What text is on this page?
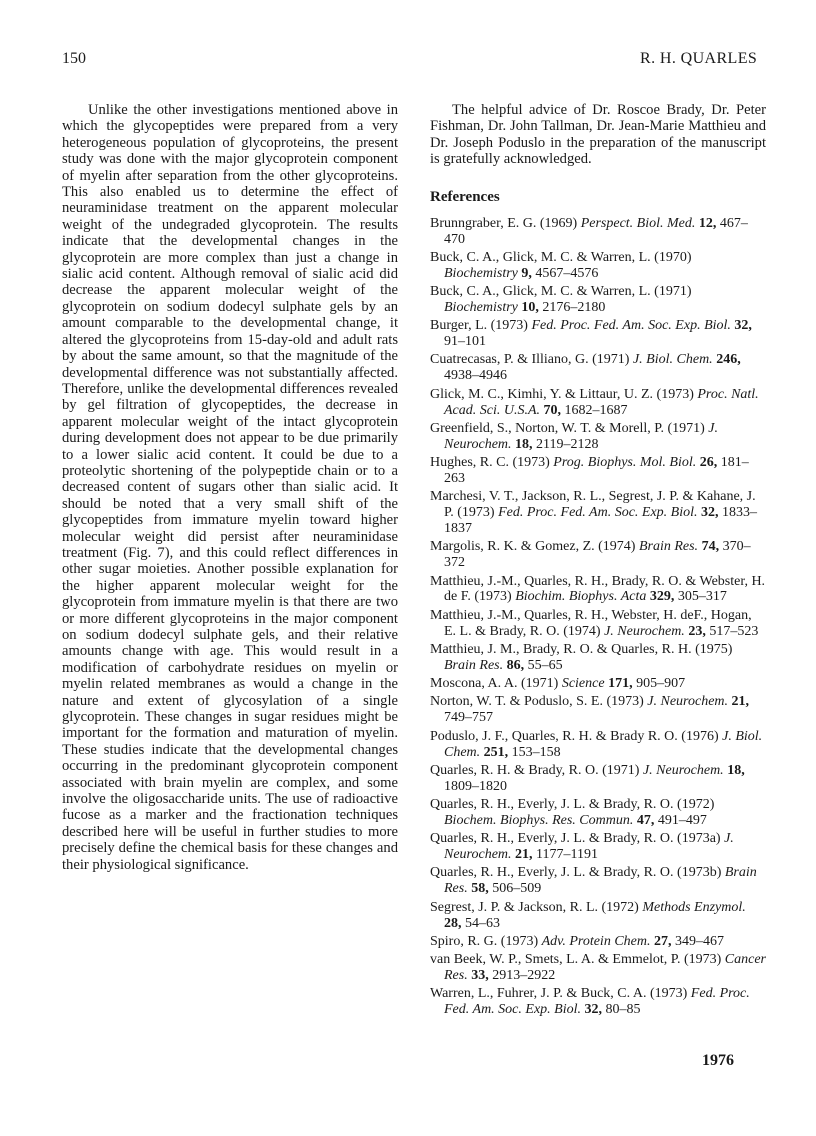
150	R. H. QUARLES

Unlike the other investigations mentioned above in which the glycopeptides were prepared from a very heterogeneous population of glycoproteins, the present study was done with the major glycoprotein component of myelin after separation from the other glycoproteins. This also enabled us to determine the effect of neuraminidase treatment on the apparent molecular weight of the undegraded glycoprotein. The results indicate that the developmental changes in the glycoprotein are more complex than just a change in sialic acid content. Although removal of sialic acid did decrease the apparent molecular weight of the glycoprotein on sodium dodecyl sulphate gels by an amount comparable to the developmental change, it altered the glycoproteins from 15-day-old and adult rats by about the same amount, so that the magnitude of the developmental difference was not substantially affected. Therefore, unlike the developmental differences revealed by gel filtration of glycopeptides, the decrease in apparent molecular weight of the intact glycoprotein during development does not appear to be due primarily to a lower sialic acid content. It could be due to a proteolytic shortening of the polypeptide chain or to a decreased content of sugars other than sialic acid. It should be noted that a very small shift of the glycopeptides from immature myelin toward higher molecular weight did persist after neuraminidase treatment (Fig. 7), and this could reflect differences in other sugar moieties. Another possible explanation for the higher apparent molecular weight for the glycoprotein from immature myelin is that there are two or more different glycoproteins in the major component on sodium dodecyl sulphate gels, and their relative amounts change with age. This would result in a modification of carbohydrate residues on myelin or myelin related membranes as would a change in the nature and extent of glycosylation of a single glycoprotein. These changes in sugar residues might be important for the formation and maturation of myelin. These studies indicate that the developmental changes occurring in the predominant glycoprotein component associated with brain myelin are complex, and some involve the oligosaccharide units. The use of radioactive fucose as a marker and the fractionation techniques described here will be useful in further studies to more precisely define the chemical basis for these changes and their physiological significance.

The helpful advice of Dr. Roscoe Brady, Dr. Peter Fishman, Dr. John Tallman, Dr. Jean-Marie Matthieu and Dr. Joseph Poduslo in the preparation of the manuscript is gratefully acknowledged.

References
Brunngraber, E. G. (1969) Perspect. Biol. Med. 12, 467–470
Buck, C. A., Glick, M. C. & Warren, L. (1970) Biochemistry 9, 4567–4576
Buck, C. A., Glick, M. C. & Warren, L. (1971) Biochemistry 10, 2176–2180
Burger, L. (1973) Fed. Proc. Fed. Am. Soc. Exp. Biol. 32, 91–101
Cuatrecasas, P. & Illiano, G. (1971) J. Biol. Chem. 246, 4938–4946
Glick, M. C., Kimhi, Y. & Littaur, U. Z. (1973) Proc. Natl. Acad. Sci. U.S.A. 70, 1682–1687
Greenfield, S., Norton, W. T. & Morell, P. (1971) J. Neurochem. 18, 2119–2128
Hughes, R. C. (1973) Prog. Biophys. Mol. Biol. 26, 181–263
Marchesi, V. T., Jackson, R. L., Segrest, J. P. & Kahane, J. P. (1973) Fed. Proc. Fed. Am. Soc. Exp. Biol. 32, 1833–1837
Margolis, R. K. & Gomez, Z. (1974) Brain Res. 74, 370–372
Matthieu, J.-M., Quarles, R. H., Brady, R. O. & Webster, H. de F. (1973) Biochim. Biophys. Acta 329, 305–317
Matthieu, J.-M., Quarles, R. H., Webster, H. deF., Hogan, E. L. & Brady, R. O. (1974) J. Neurochem. 23, 517–523
Matthieu, J. M., Brady, R. O. & Quarles, R. H. (1975) Brain Res. 86, 55–65
Moscona, A. A. (1971) Science 171, 905–907
Norton, W. T. & Poduslo, S. E. (1973) J. Neurochem. 21, 749–757
Poduslo, J. F., Quarles, R. H. & Brady R. O. (1976) J. Biol. Chem. 251, 153–158
Quarles, R. H. & Brady, R. O. (1971) J. Neurochem. 18, 1809–1820
Quarles, R. H., Everly, J. L. & Brady, R. O. (1972) Biochem. Biophys. Res. Commun. 47, 491–497
Quarles, R. H., Everly, J. L. & Brady, R. O. (1973a) J. Neurochem. 21, 1177–1191
Quarles, R. H., Everly, J. L. & Brady, R. O. (1973b) Brain Res. 58, 506–509
Segrest, J. P. & Jackson, R. L. (1972) Methods Enzymol. 28, 54–63
Spiro, R. G. (1973) Adv. Protein Chem. 27, 349–467
van Beek, W. P., Smets, L. A. & Emmelot, P. (1973) Cancer Res. 33, 2913–2922
Warren, L., Fuhrer, J. P. & Buck, C. A. (1973) Fed. Proc. Fed. Am. Soc. Exp. Biol. 32, 80–85
1976
